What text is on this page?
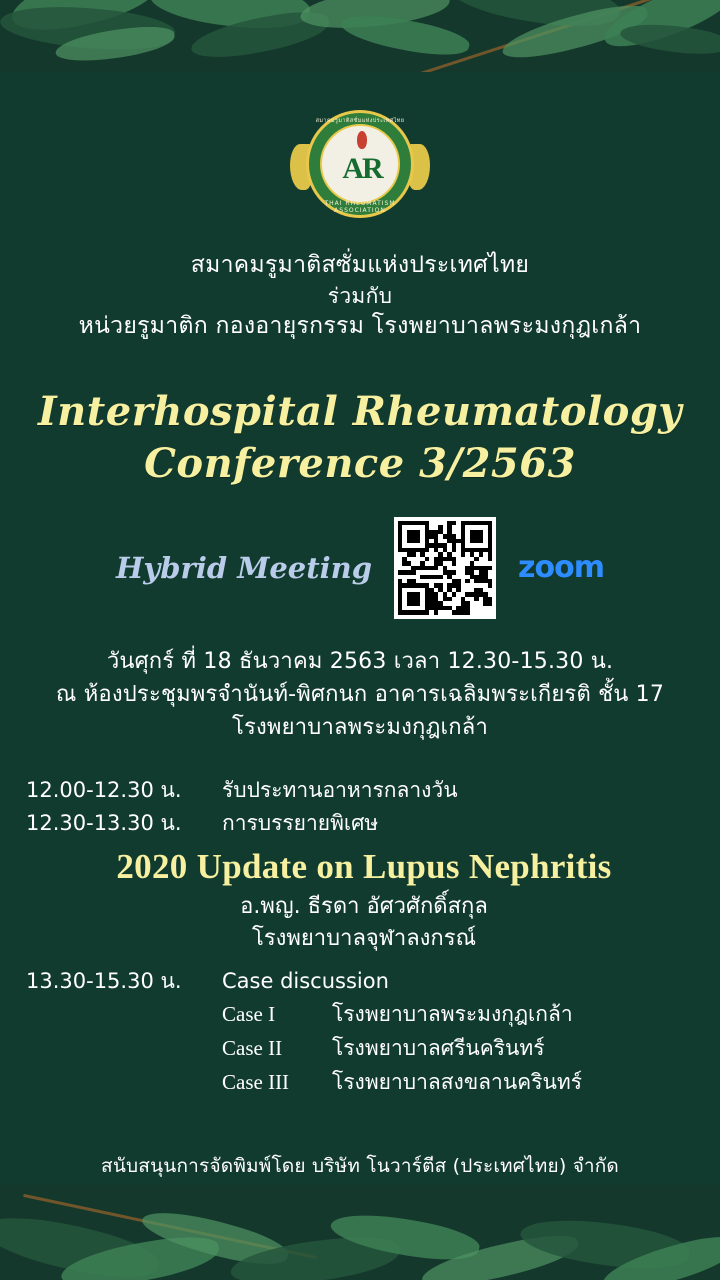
สมาคมรูมาติสซั่มแห่งประเทศไทย
AR
THAI RHEUMATISM ASSOCIATION
สมาคมรูมาติสซั่มแห่งประเทศไทย
ร่วมกับ
หน่วยรูมาติก กองอายุรกรรม โรงพยาบาลพระมงกุฎเกล้า
Interhospital Rheumatology
Conference 3/2563
Hybrid Meeting	zoom
วันศุกร์ ที่ 18 ธันวาคม 2563 เวลา 12.30-15.30 น.
ณ ห้องประชุมพรจำนันท์-พิศกนก อาคารเฉลิมพระเกียรติ ชั้น 17
โรงพยาบาลพระมงกุฎเกล้า
12.00-12.30 น.	รับประทานอาหารกลางวัน
12.30-13.30 น.	การบรรยายพิเศษ
2020 Update on Lupus Nephritis
อ.พญ. ธีรดา อัศวศักดิ์สกุล
โรงพยาบาลจุฬาลงกรณ์
13.30-15.30 น.	Case discussion
Case I	โรงพยาบาลพระมงกุฎเกล้า
Case II	โรงพยาบาลศรีนครินทร์
Case III	โรงพยาบาลสงขลานครินทร์
สนับสนุนการจัดพิมพ์โดย บริษัท โนวาร์ตีส (ประเทศไทย) จำกัด
